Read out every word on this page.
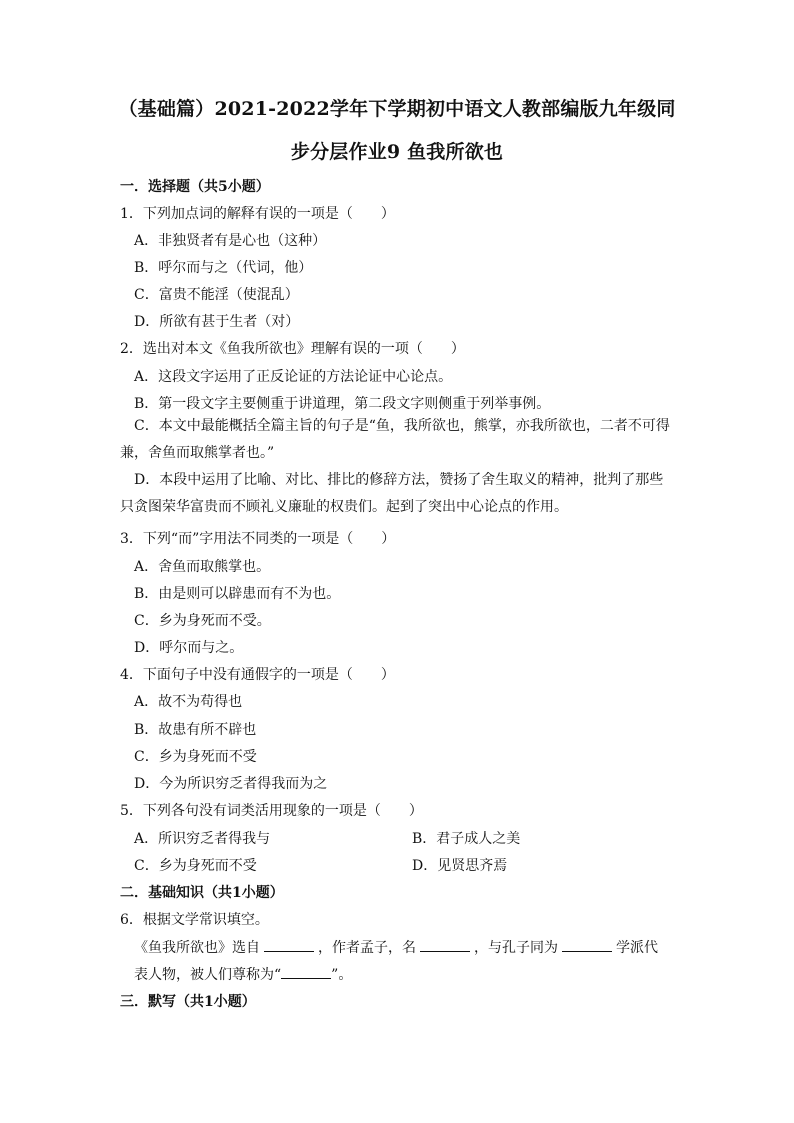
（基础篇）2021-2022学年下学期初中语文人教部编版九年级同
步分层作业9 鱼我所欲也
一．选择题（共5小题）
1．下列加点词的解释有误的一项是（　　）
A．非独贤者有是心也（这种）
B．呼尔而与之（代词，他）
C．富贵不能淫（使混乱）
D．所欲有甚于生者（对）
2．选出对本文《鱼我所欲也》理解有误的一项（　　）
A．这段文字运用了正反论证的方法论证中心论点。
B．第一段文字主要侧重于讲道理，第二段文字则侧重于列举事例。
C．本文中最能概括全篇主旨的句子是“鱼，我所欲也，熊掌，亦我所欲也，二者不可得兼，舍鱼而取熊掌者也。”
D．本段中运用了比喻、对比、排比的修辞方法，赞扬了舍生取义的精神，批判了那些只贪图荣华富贵而不顾礼义廉耻的权贵们。起到了突出中心论点的作用。
3．下列“而”字用法不同类的一项是（　　）
A．舍鱼而取熊掌也。
B．由是则可以辟患而有不为也。
C．乡为身死而不受。
D．呼尔而与之。
4．下面句子中没有通假字的一项是（　　）
A．故不为苟得也
B．故患有所不辟也
C．乡为身死而不受
D．今为所识穷乏者得我而为之
5．下列各句没有词类活用现象的一项是（　　）
A．所识穷乏者得我与	B．君子成人之美
C．乡为身死而不受	D．见贤思齐焉
二．基础知识（共1小题）
6．根据文学常识填空。
《鱼我所欲也》选自	，作者孟子，名	，与孔子同为	学派代
表人物，被人们尊称为“	”。
三．默写（共1小题）
